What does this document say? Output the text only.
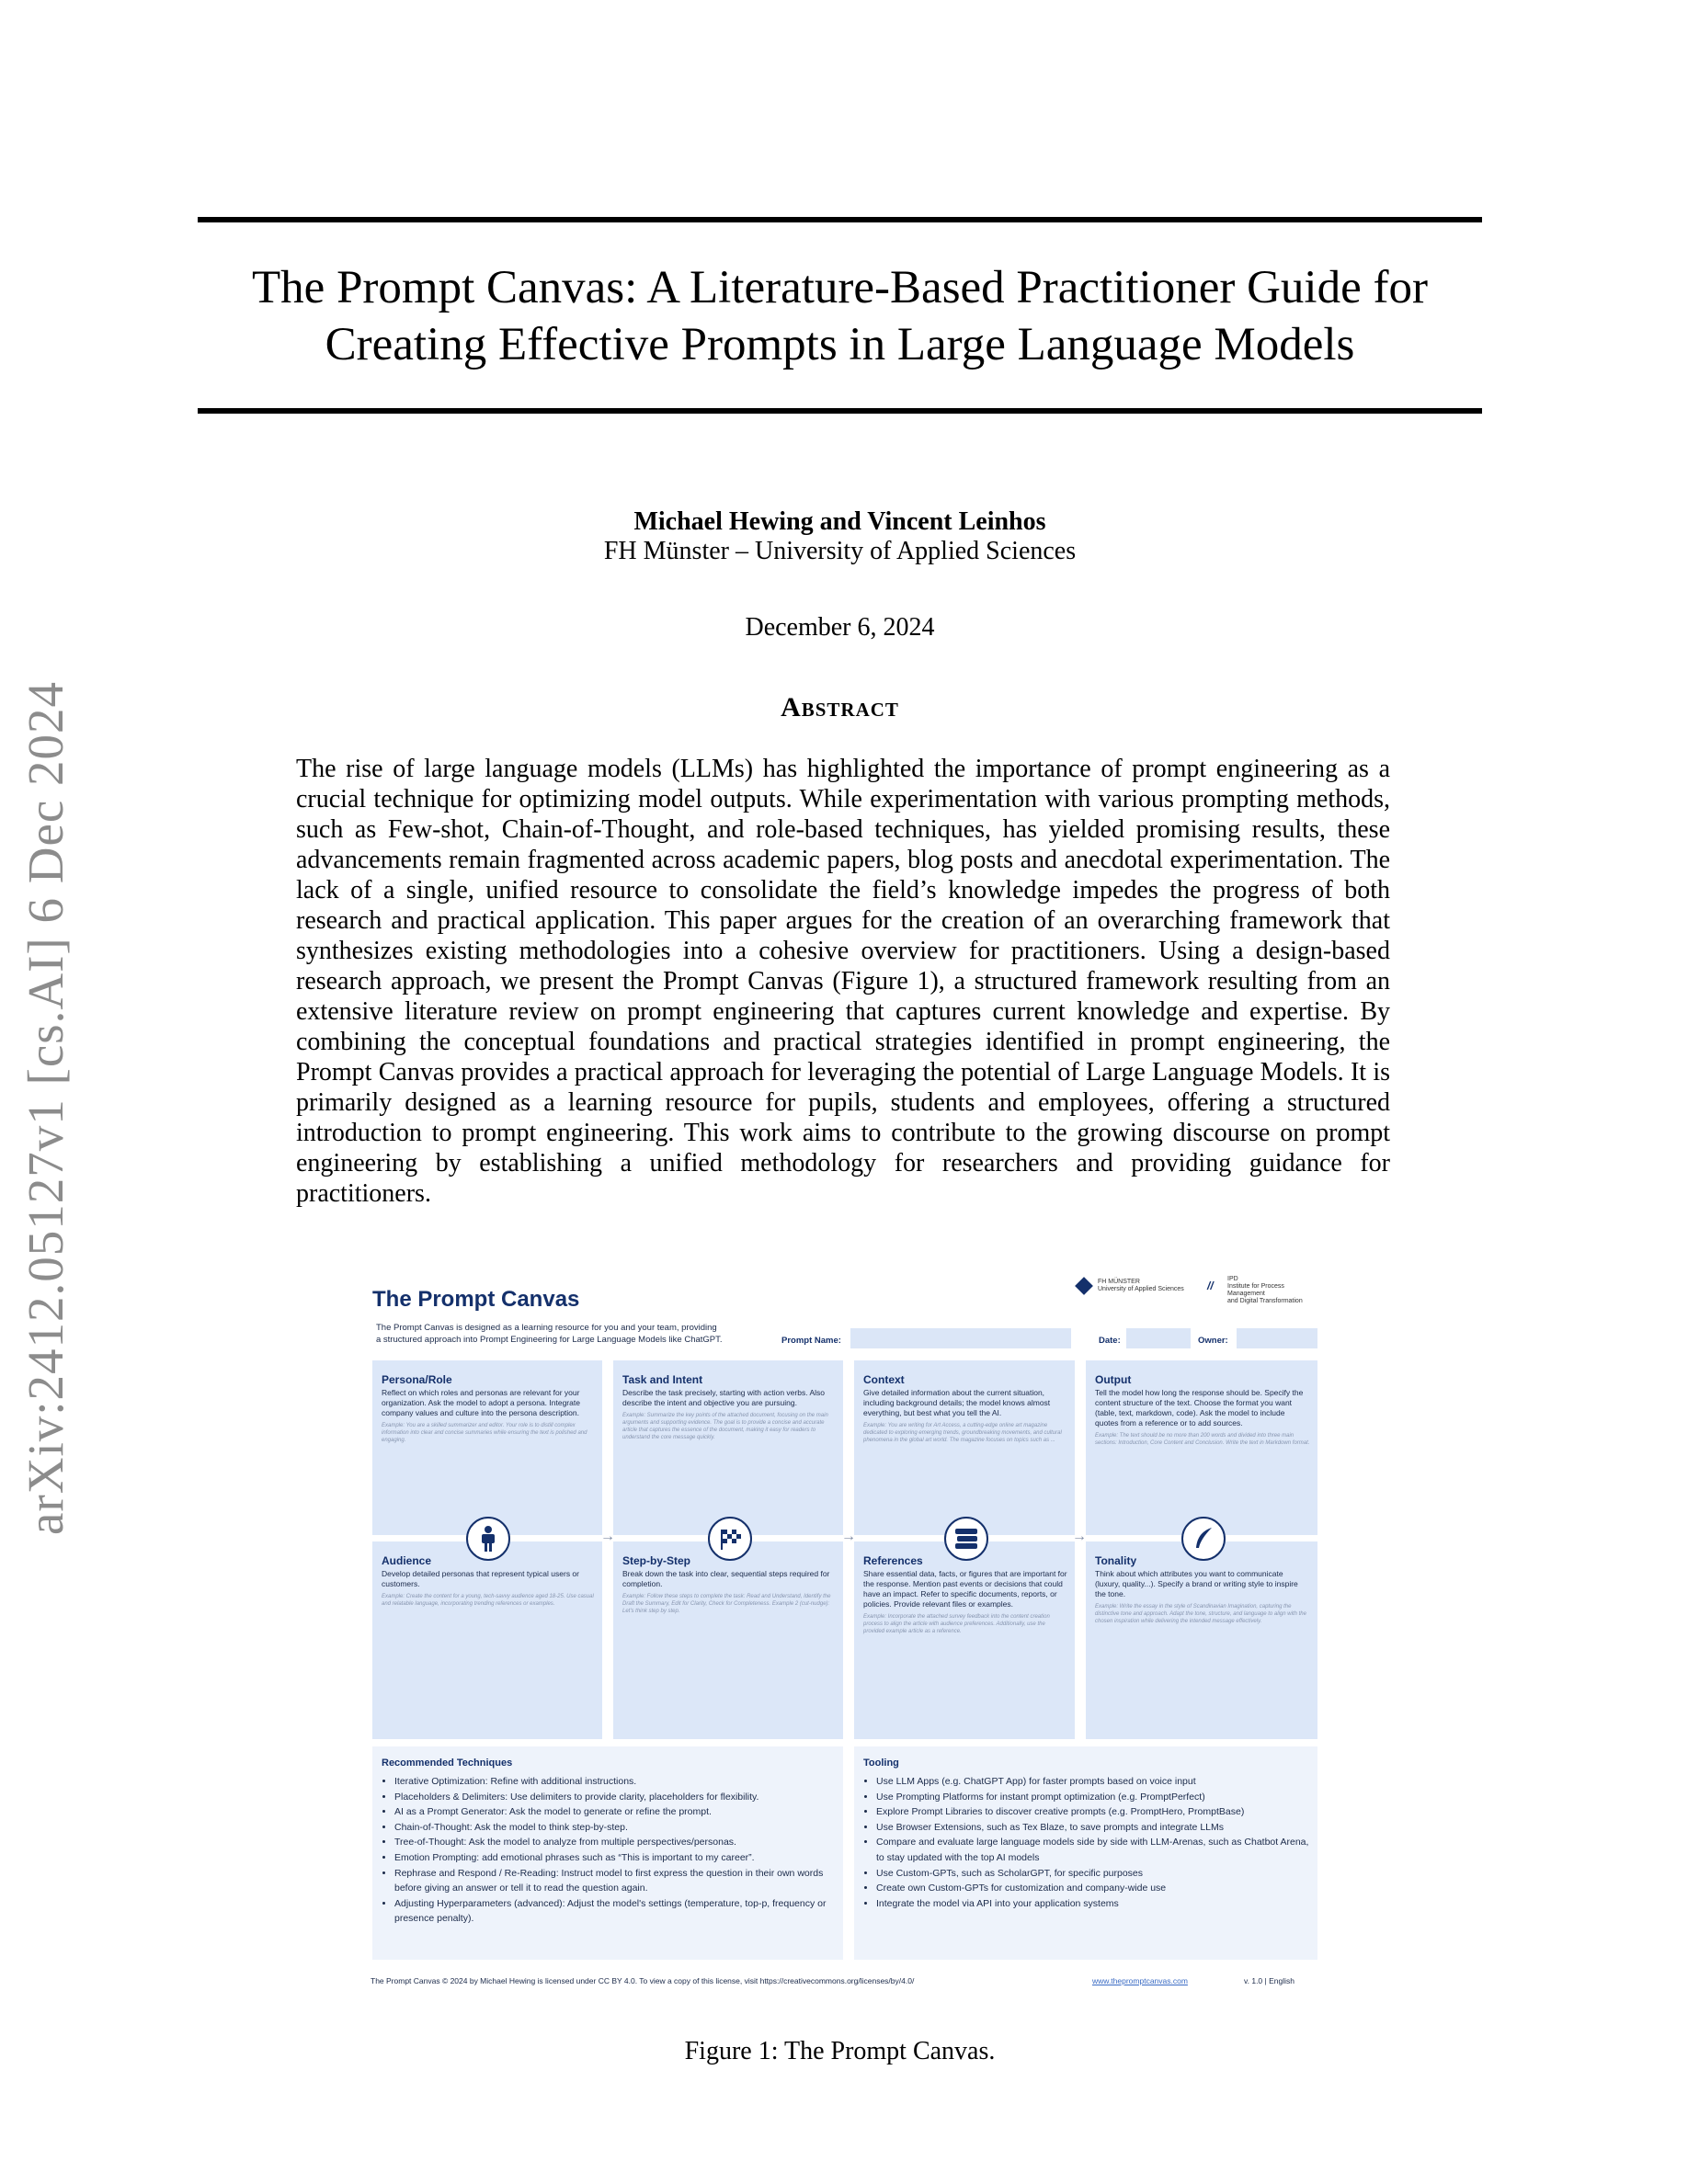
arXiv:2412.05127v1 [cs.AI] 6 Dec 2024
The Prompt Canvas: A Literature-Based Practitioner Guide for
Creating Effective Prompts in Large Language Models
Michael Hewing and Vincent Leinhos
FH Münster – University of Applied Sciences
December 6, 2024
Abstract
The rise of large language models (LLMs) has highlighted the importance of prompt engineering as a crucial technique for optimizing model outputs. While experimentation with various prompting methods, such as Few-shot, Chain-of-Thought, and role-based techniques, has yielded promising results, these advancements remain fragmented across academic papers, blog posts and anecdotal experimentation. The lack of a single, unified resource to consolidate the field’s knowledge impedes the progress of both research and practical application. This paper argues for the creation of an overarching framework that synthesizes existing methodologies into a cohesive overview for practitioners. Using a design-based research approach, we present the Prompt Canvas (Figure 1), a structured framework resulting from an extensive literature review on prompt engineering that captures current knowledge and expertise. By combining the conceptual foundations and practical strategies identified in prompt engineering, the Prompt Canvas provides a practical approach for leveraging the potential of Large Language Models. It is primarily designed as a learning resource for pupils, students and employees, offering a structured introduction to prompt engineering. This work aims to contribute to the growing discourse on prompt engineering by establishing a unified methodology for researchers and providing guidance for practitioners.
The Prompt Canvas
The Prompt Canvas is designed as a learning resource for you and your team, providing
a structured approach into Prompt Engineering for Large Language Models like ChatGPT.
FH MÜNSTER
University of Applied Sciences //
IPD
Institute for Process Management
and Digital Transformation
Prompt Name:	Date:	Owner:
Persona/Role
Reflect on which roles and personas are relevant for your organization. Ask the model to adopt a persona. Integrate company values and culture into the persona description.
Example: You are a skilled summarizer and editor. Your role is to distill complex information into clear and concise summaries while ensuring the text is polished and engaging.
Task and Intent
Describe the task precisely, starting with action verbs. Also describe the intent and objective you are pursuing.
Example: Summarize the key points of the attached document, focusing on the main arguments and supporting evidence. The goal is to provide a concise and accurate article that captures the essence of the document, making it easy for readers to understand the core message quickly.
Context
Give detailed information about the current situation, including background details; the model knows almost everything, but best what you tell the AI.
Example: You are writing for Art Access, a cutting-edge online art magazine dedicated to exploring emerging trends, groundbreaking movements, and cultural phenomena in the global art world. The magazine focuses on topics such as ...
Output
Tell the model how long the response should be. Specify the content structure of the text. Choose the format you want (table, text, markdown, code). Ask the model to include quotes from a reference or to add sources.
Example: The text should be no more than 200 words and divided into three main sections: Introduction, Core Content and Conclusion. Write the text in Markdown format.
Audience
Develop detailed personas that represent typical users or customers.
Example: Create the content for a young, tech-savvy audience aged 18-25. Use casual and relatable language, incorporating trending references or examples.
Step-by-Step
Break down the task into clear, sequential steps required for completion.
Example: Follow these steps to complete the task: Read and Understand, Identify the Draft the Summary, Edit for Clarity, Check for Completeness. Example 2 (cut-nudge): Let's think step by step.
References
Share essential data, facts, or figures that are important for the response. Mention past events or decisions that could have an impact. Refer to specific documents, reports, or policies. Provide relevant files or examples.
Example: Incorporate the attached survey feedback into the content creation process to align the article with audience preferences. Additionally, use the provided example article as a reference.
Tonality
Think about which attributes you want to communicate (luxury, quality...). Specify a brand or writing style to inspire the tone.
Example: Write the essay in the style of Scandinavian Imagination, capturing the distinctive tone and approach. Adapt the tone, structure, and language to align with the chosen inspiration while delivering the intended message effectively.
→	→	→
Recommended Techniques
• Iterative Optimization: Refine with additional instructions.
• Placeholders & Delimiters: Use delimiters to provide clarity, placeholders for flexibility.
• AI as a Prompt Generator: Ask the model to generate or refine the prompt.
• Chain-of-Thought: Ask the model to think step-by-step.
• Tree-of-Thought: Ask the model to analyze from multiple perspectives/personas.
• Emotion Prompting: add emotional phrases such as “This is important to my career”.
• Rephrase and Respond / Re-Reading: Instruct model to first express the question in their own words before giving an answer or tell it to read the question again.
• Adjusting Hyperparameters (advanced): Adjust the model's settings (temperature, top-p, frequency or presence penalty).
Tooling
• Use LLM Apps (e.g. ChatGPT App) for faster prompts based on voice input
• Use Prompting Platforms for instant prompt optimization (e.g. PromptPerfect)
• Explore Prompt Libraries to discover creative prompts (e.g. PromptHero, PromptBase)
• Use Browser Extensions, such as Tex Blaze, to save prompts and integrate LLMs
• Compare and evaluate large language models side by side with LLM-Arenas, such as Chatbot Arena, to stay updated with the top AI models
• Use Custom-GPTs, such as ScholarGPT, for specific purposes
• Create own Custom-GPTs for customization and company-wide use
• Integrate the model via API into your application systems
The Prompt Canvas © 2024 by Michael Hewing is licensed under CC BY 4.0. To view a copy of this license, visit https://creativecommons.org/licenses/by/4.0/	www.thepromptcanvas.com	v. 1.0 | English
Figure 1: The Prompt Canvas.
